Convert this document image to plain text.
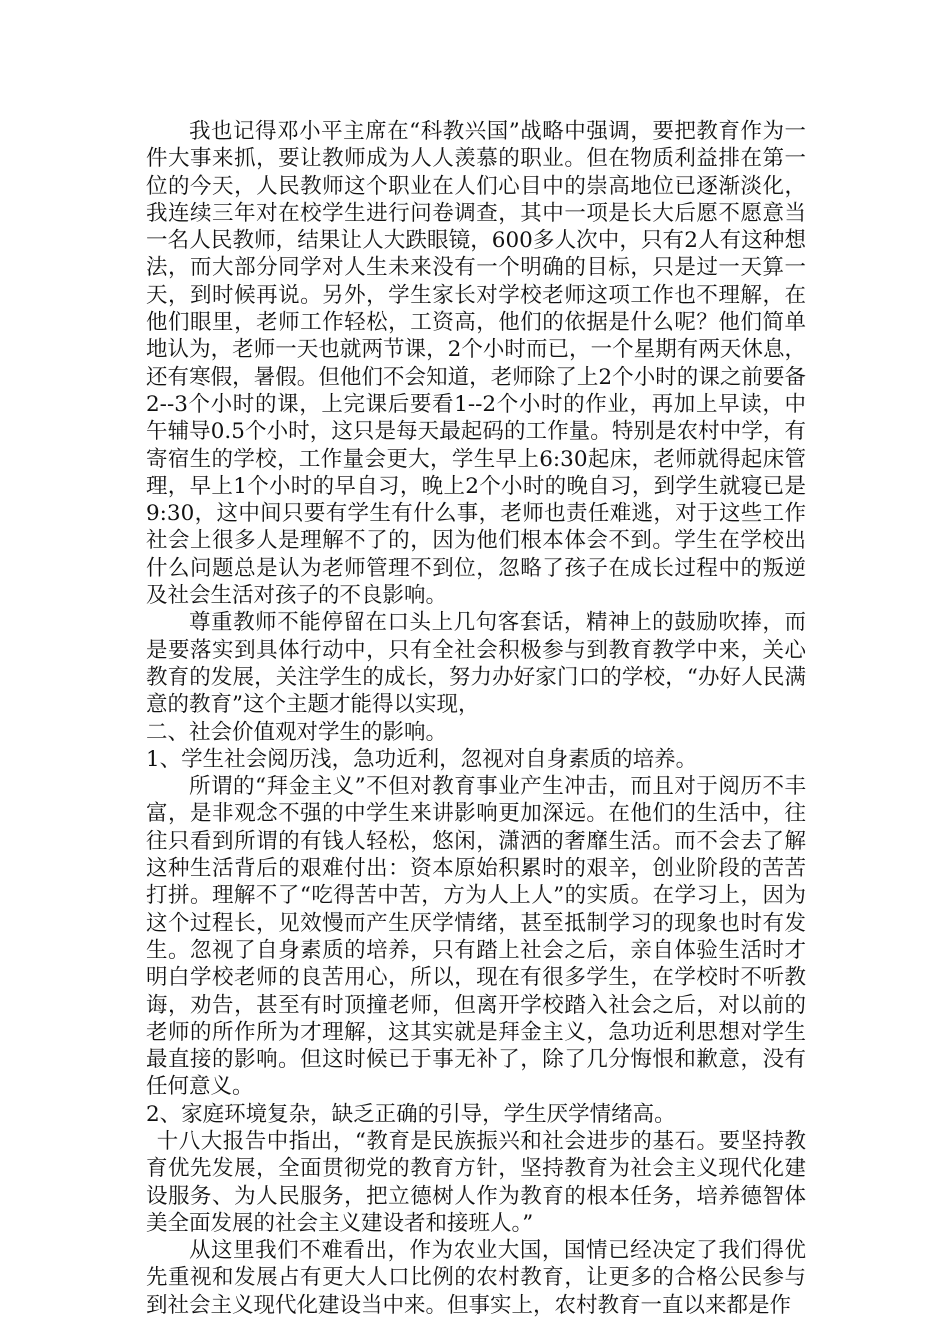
我也记得邓小平主席在“科教兴国”战略中强调，要把教育作为一件大事来抓，要让教师成为人人羡慕的职业。但在物质利益排在第一位的今天，人民教师这个职业在人们心目中的崇高地位已逐渐淡化，我连续三年对在校学生进行问卷调查，其中一项是长大后愿不愿意当一名人民教师，结果让人大跌眼镜，600多人次中，只有2人有这种想法，而大部分同学对人生未来没有一个明确的目标，只是过一天算一天，到时候再说。另外，学生家长对学校老师这项工作也不理解，在他们眼里，老师工作轻松，工资高，他们的依据是什么呢？他们简单地认为，老师一天也就两节课，2个小时而已，一个星期有两天休息，还有寒假，暑假。但他们不会知道，老师除了上2个小时的课之前要备2--3个小时的课，上完课后要看1--2个小时的作业，再加上早读，中午辅导0.5个小时，这只是每天最起码的工作量。特别是农村中学，有寄宿生的学校，工作量会更大，学生早上6:30起床，老师就得起床管理，早上1个小时的早自习，晚上2个小时的晚自习，到学生就寝已是9:30，这中间只要有学生有什么事，老师也责任难逃，对于这些工作社会上很多人是理解不了的，因为他们根本体会不到。学生在学校出什么问题总是认为老师管理不到位，忽略了孩子在成长过程中的叛逆及社会生活对孩子的不良影响。

尊重教师不能停留在口头上几句客套话，精神上的鼓励吹捧，而是要落实到具体行动中，只有全社会积极参与到教育教学中来，关心教育的发展，关注学生的成长，努力办好家门口的学校，“办好人民满意的教育”这个主题才能得以实现，

二、社会价值观对学生的影响。

1、学生社会阅历浅，急功近利，忽视对自身素质的培养。

所谓的“拜金主义”不但对教育事业产生冲击，而且对于阅历不丰富，是非观念不强的中学生来讲影响更加深远。在他们的生活中，往往只看到所谓的有钱人轻松，悠闲，潇洒的奢靡生活。而不会去了解这种生活背后的艰难付出：资本原始积累时的艰辛，创业阶段的苦苦打拼。理解不了“吃得苦中苦，方为人上人”的实质。在学习上，因为这个过程长，见效慢而产生厌学情绪，甚至抵制学习的现象也时有发生。忽视了自身素质的培养，只有踏上社会之后，亲自体验生活时才明白学校老师的良苦用心，所以，现在有很多学生，在学校时不听教诲，劝告，甚至有时顶撞老师，但离开学校踏入社会之后，对以前的老师的所作所为才理解，这其实就是拜金主义，急功近利思想对学生最直接的影响。但这时候已于事无补了，除了几分悔恨和歉意，没有任何意义。

2、家庭环境复杂，缺乏正确的引导，学生厌学情绪高。

十八大报告中指出，“教育是民族振兴和社会进步的基石。要坚持教育优先发展，全面贯彻党的教育方针，坚持教育为社会主义现代化建设服务、为人民服务，把立德树人作为教育的根本任务，培养德智体美全面发展的社会主义建设者和接班人。”

从这里我们不难看出，作为农业大国，国情已经决定了我们得优先重视和发展占有更大人口比例的农村教育，让更多的合格公民参与到社会主义现代化建设当中来。但事实上，农村教育一直以来都是作
